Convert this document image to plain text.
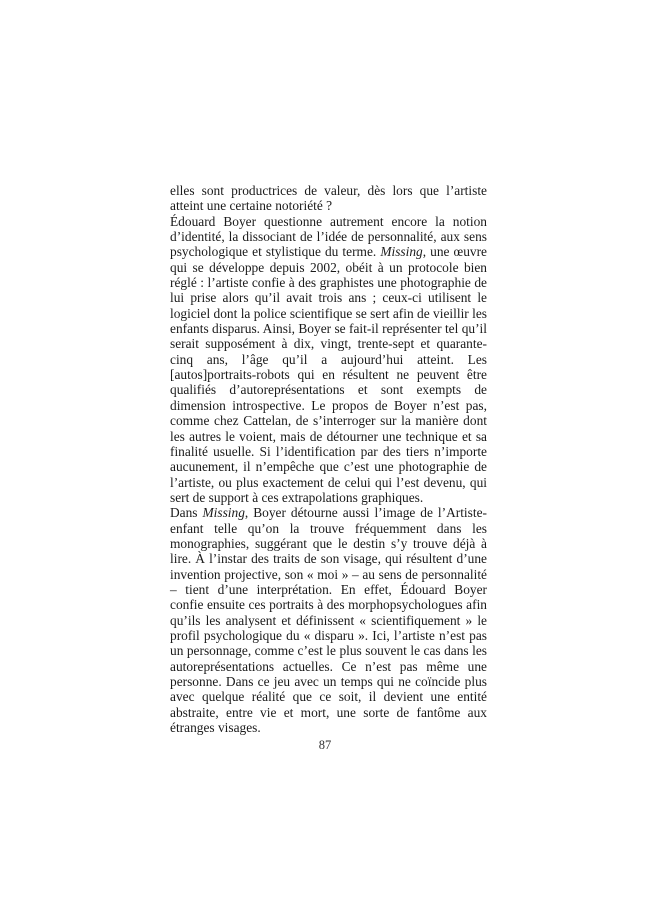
elles sont productrices de valeur, dès lors que l’artiste atteint une certaine notoriété ?

Édouard Boyer questionne autrement encore la notion d’identité, la dissociant de l’idée de personnalité, aux sens psychologique et stylistique du terme. Missing, une œuvre qui se développe depuis 2002, obéit à un protocole bien réglé : l’artiste confie à des graphistes une photographie de lui prise alors qu’il avait trois ans ; ceux-ci utilisent le logiciel dont la police scientifique se sert afin de vieillir les enfants disparus. Ainsi, Boyer se fait-il représenter tel qu’il serait supposément à dix, vingt, trente-sept et quarante-cinq ans, l’âge qu’il a aujourd’hui atteint. Les [autos]portraits-robots qui en résultent ne peuvent être qualifiés d’autoreprésentations et sont exempts de dimension introspective. Le propos de Boyer n’est pas, comme chez Cattelan, de s’interroger sur la manière dont les autres le voient, mais de détourner une technique et sa finalité usuelle. Si l’identification par des tiers n’importe aucunement, il n’empêche que c’est une photographie de l’artiste, ou plus exactement de celui qui l’est devenu, qui sert de support à ces extrapolations graphiques.

Dans Missing, Boyer détourne aussi l’image de l’Artiste-enfant telle qu’on la trouve fréquemment dans les monographies, suggérant que le destin s’y trouve déjà à lire. À l’instar des traits de son visage, qui résultent d’une invention projective, son « moi » – au sens de personnalité – tient d’une interprétation. En effet, Édouard Boyer confie ensuite ces portraits à des morphopsychologues afin qu’ils les analysent et définissent « scientifiquement » le profil psychologique du « disparu ». Ici, l’artiste n’est pas un personnage, comme c’est le plus souvent le cas dans les autoreprésentations actuelles. Ce n’est pas même une personne. Dans ce jeu avec un temps qui ne coïncide plus avec quelque réalité que ce soit, il devient une entité abstraite, entre vie et mort, une sorte de fantôme aux étranges visages.

87
